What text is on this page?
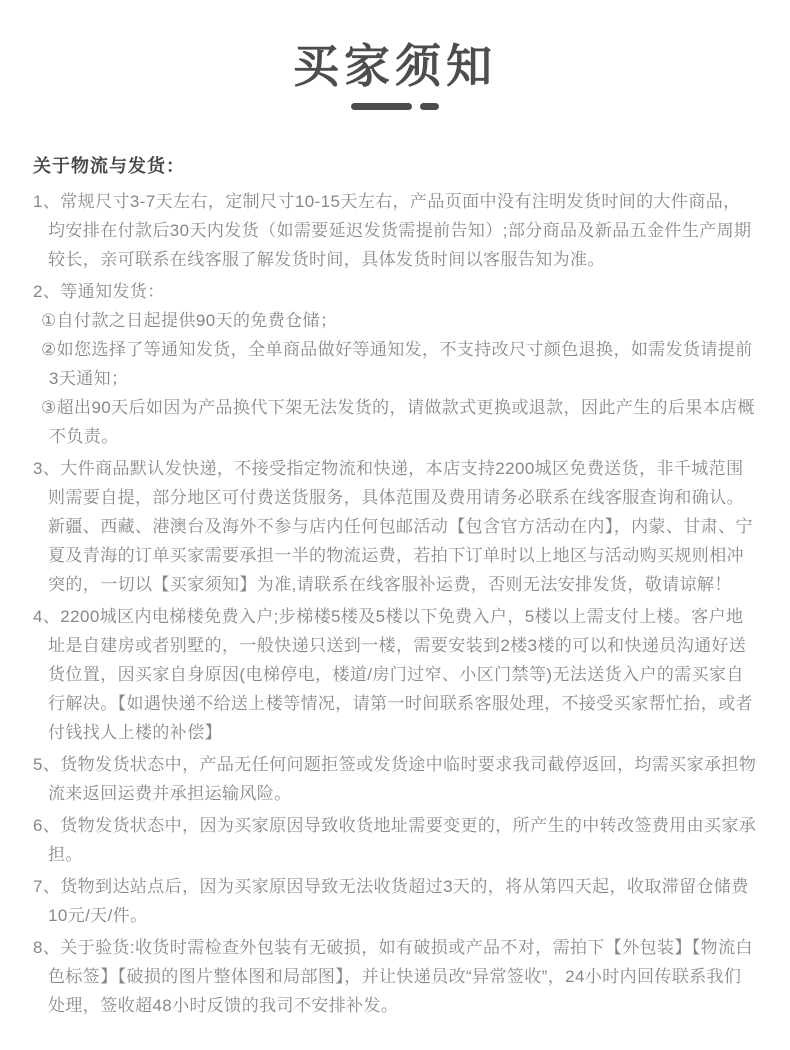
买家须知
关于物流与发货：
1、常规尺寸3-7天左右，定制尺寸10-15天左右，产品页面中没有注明发货时间的大件商品，均安排在付款后30天内发货（如需要延迟发货需提前告知）;部分商品及新品五金件生产周期较长，亲可联系在线客服了解发货时间，具体发货时间以客服告知为准。
2、等通知发货：
①自付款之日起提供90天的免费仓储；
②如您选择了等通知发货，全单商品做好等通知发，不支持改尺寸颜色退换，如需发货请提前3天通知；
③超出90天后如因为产品换代下架无法发货的，请做款式更换或退款，因此产生的后果本店概不负责。
3、大件商品默认发快递，不接受指定物流和快递，本店支持2200城区免费送货，非千城范围则需要自提，部分地区可付费送货服务，具体范围及费用请务必联系在线客服查询和确认。新疆、西藏、港澳台及海外不参与店内任何包邮活动【包含官方活动在内】，内蒙、甘肃、宁夏及青海的订单买家需要承担一半的物流运费，若拍下订单时以上地区与活动购买规则相冲突的，一切以【买家须知】为准,请联系在线客服补运费，否则无法安排发货，敬请谅解！
4、2200城区内电梯楼免费入户;步梯楼5楼及5楼以下免费入户，5楼以上需支付上楼。客户地址是自建房或者别墅的，一般快递只送到一楼，需要安装到2楼3楼的可以和快递员沟通好送货位置，因买家自身原因(电梯停电，楼道/房门过窄、小区门禁等)无法送货入户的需买家自行解决。【如遇快递不给送上楼等情况，请第一时间联系客服处理，不接受买家帮忙抬，或者付钱找人上楼的补偿】
5、货物发货状态中，产品无任何问题拒签或发货途中临时要求我司截停返回，均需买家承担物流来返回运费并承担运输风险。
6、货物发货状态中，因为买家原因导致收货地址需要变更的，所产生的中转改签费用由买家承担。
7、货物到达站点后，因为买家原因导致无法收货超过3天的，将从第四天起，收取滞留仓储费10元/天/件。
8、关于验货:收货时需检查外包装有无破损，如有破损或产品不对，需拍下【外包装】【物流白色标签】【破损的图片整体图和局部图】，并让快递员改“异常签收”，24小时内回传联系我们处理，签收超48小时反馈的我司不安排补发。
